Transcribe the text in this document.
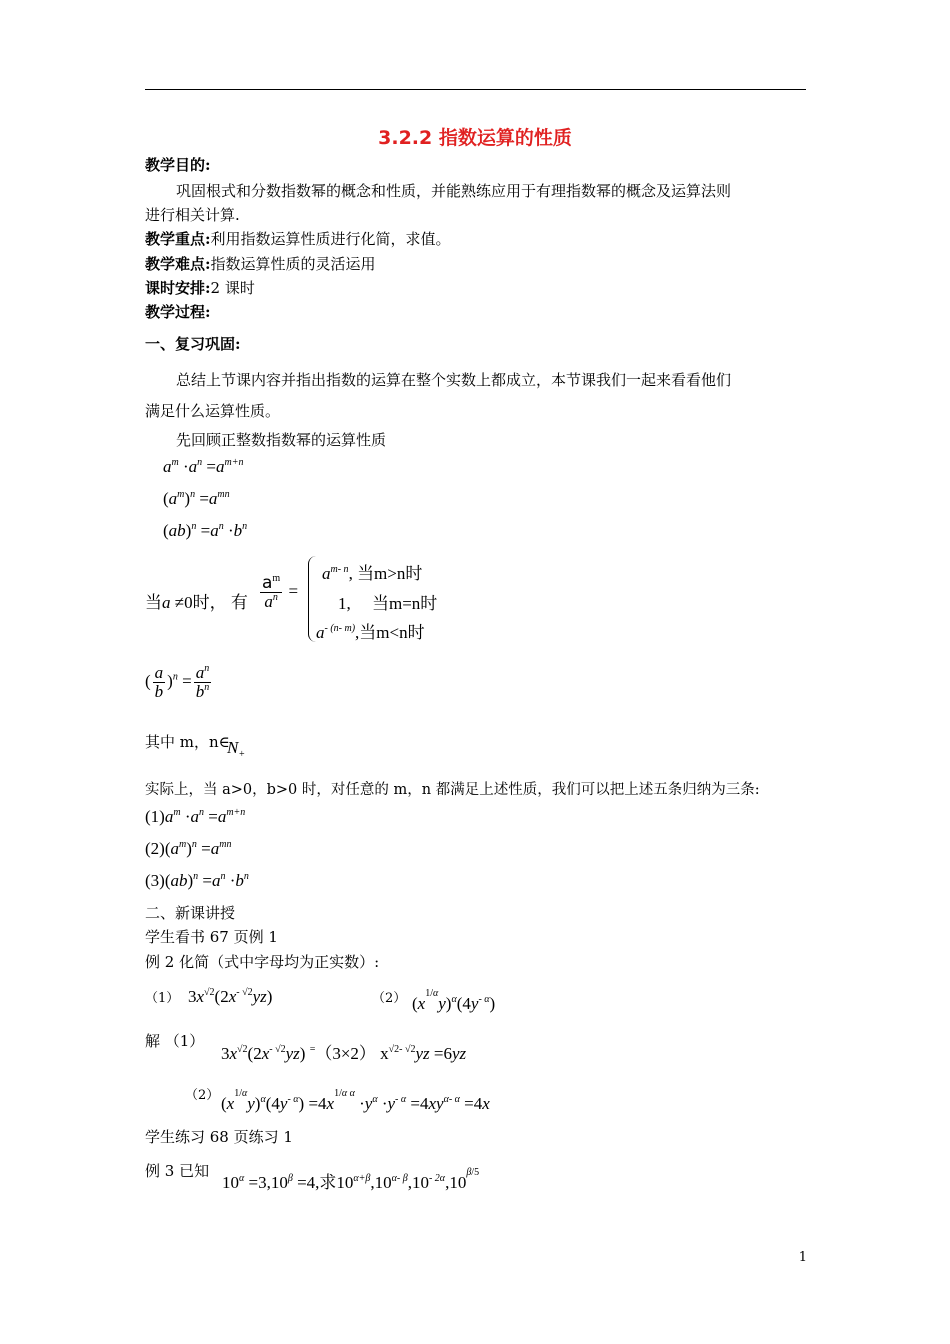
3.2.2 指数运算的性质
教学目的:
巩固根式和分数指数幂的概念和性质，并能熟练应用于有理指数幂的概念及运算法则
进行相关计算.
教学重点:利用指数运算性质进行化简，求值。
教学难点:指数运算性质的灵活运用
课时安排:2 课时
教学过程:
一、复习巩固:
总结上节课内容并指出指数的运算在整个实数上都成立，本节课我们一起来看看他们
满足什么运算性质。
先回顾正整数指数幂的运算性质
$a^m \cdot a^n =a^{m+n}$
$(a^m)^n =a^{mn}$
$(ab)^n =a^n \cdot b^n$
当a ≠0时， 有 $\frac{a^m}{a^n}$ =
$a^{m- n}$, 当m>n时
1,     当m=n时
$a^{- (n- m)}$,当m<n时
( $\frac{a}{b} )^n = \frac{a^n}{b^n}$
其中 m，n∈
$N_+$
实际上，当 a>0，b>0 时，对任意的 m，n 都满足上述性质，我们可以把上述五条归纳为三条:
$(1)a^m \cdot a^n =a^{m+n}$
$(2)(a^m)^n =a^{mn}$
$(3)(ab)^n =a^n \cdot b^n$
二、新课讲授
学生看书 67 页例 1
例 2 化简（式中字母均为正实数）:
（1） $3x^{√2}(2x^{- √2}yz)$	（2） $(x^{1/\alpha}y)^\alpha(4y^{- \alpha})$
解 （1）
$3x^{√2}(2x^{- √2}yz)$ =（3×2） $x^{√2- √2}yz =6yz$
（2） $(x^{1/\alpha}y)^\alpha(4y^{- \alpha}) =4x^{1/\alpha \alpha} \cdot y^\alpha \cdot y^{- \alpha} =4xy^{\alpha- \alpha} =4x$
学生练习 68 页练习 1
例 3 已知
$10^\alpha =3,10^\beta =4$,求$10^{\alpha+\beta},10^{\alpha- \beta},10^{- 2\alpha},10^{\beta/5}$
1
